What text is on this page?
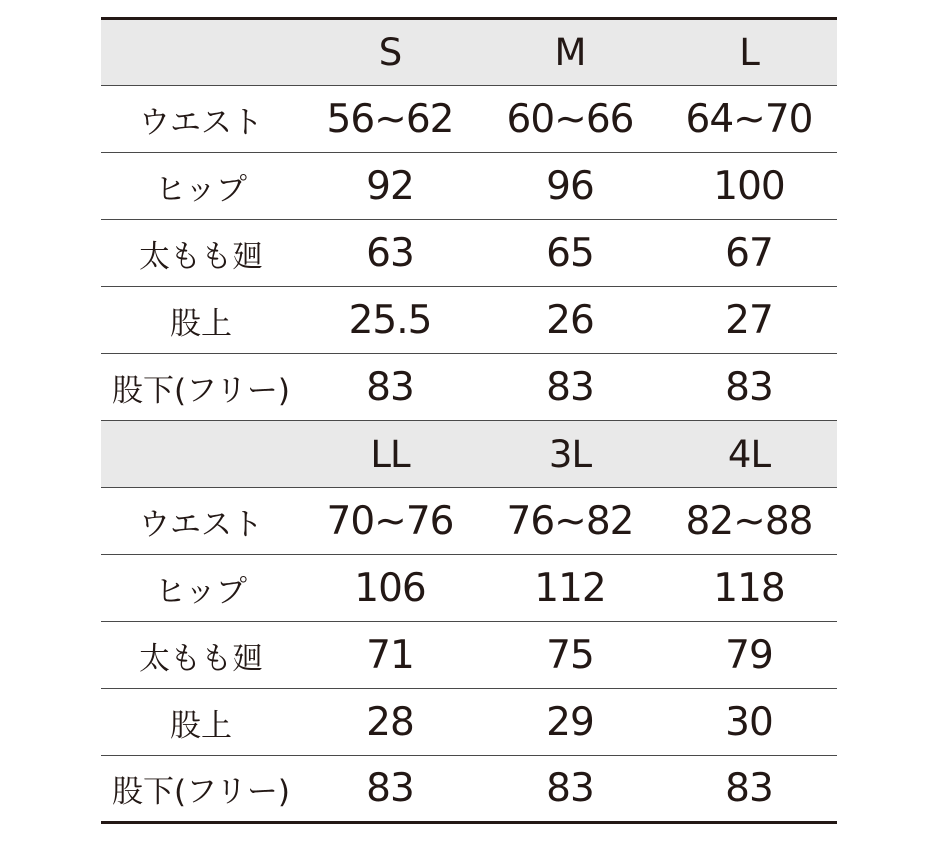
	S	M	L
ウエスト	56~62	60~66	64~70
ヒップ	92	96	100
太もも廻	63	65	67
股上	25.5	26	27
股下(フリー)	83	83	83
	LL	3L	4L
ウエスト	70~76	76~82	82~88
ヒップ	106	112	118
太もも廻	71	75	79
股上	28	29	30
股下(フリー)	83	83	83
